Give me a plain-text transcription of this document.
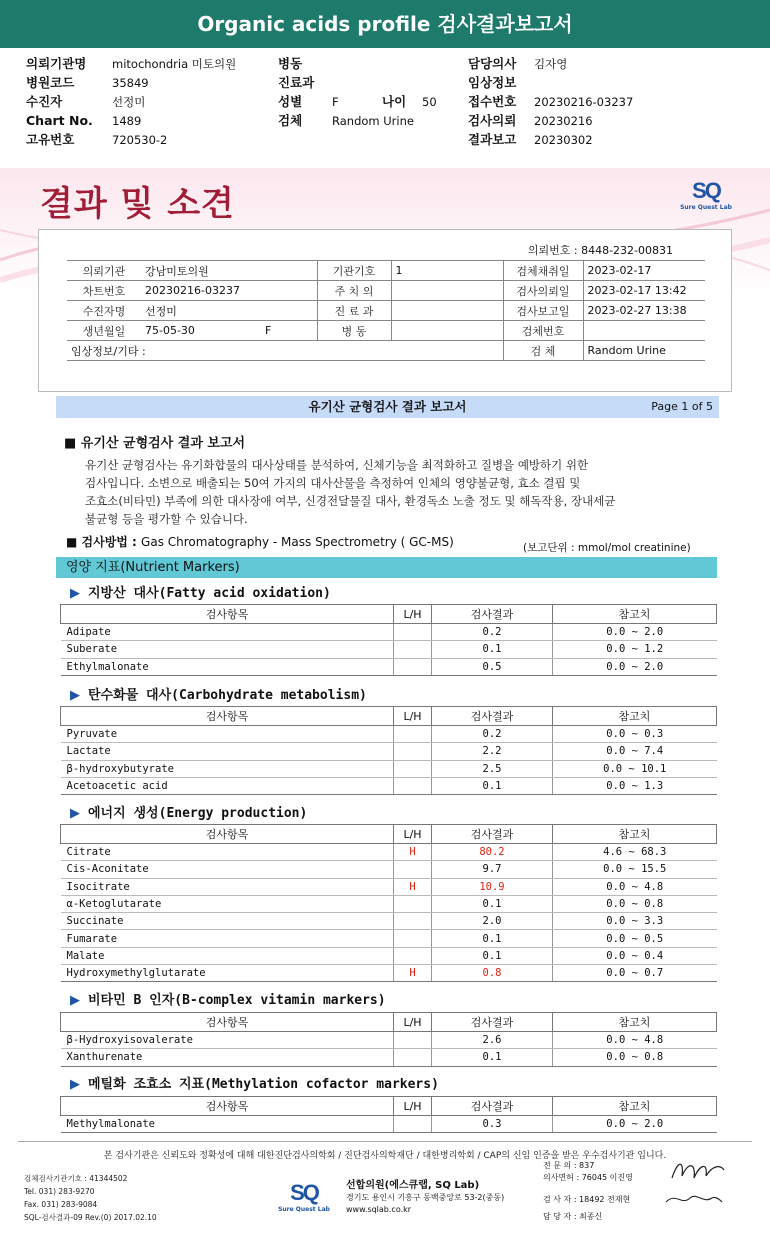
Organic acids profile 검사결과보고서
의뢰기관명 mitochondria 미토의원
병원코드	35849
수진자	선정미
Chart No. 1489
고유번호	720530-2
병동
진료과
성별	F	나이 50
검체	Random Urine
담당의사 김자영
임상정보
접수번호 20230216-03237
검사의뢰 20230216
결과보고 20230302
결과 및 소견	SQ
Sure Quest Lab
의뢰번호 : 8448-232-00831
의뢰기관	강남미토의원	기관기호	1	검체채취일	2023-02-17
차트번호	20230216-03237	주 치 의		검사의뢰일	2023-02-17 13:42
수진자명	선정미	진 료 과		검사보고일	2023-02-27 13:38
생년월일	75-05-30 F	병 동		검체번호	
임상정보/기타 :				검 체	Random Urine
유기산 균형검사 결과 보고서	Page 1 of 5
■ 유기산 균형검사 결과 보고서
유기산 균형검사는 유기화합물의 대사상태를 분석하여, 신체기능을 최적화하고 질병을 예방하기 위한
검사입니다. 소변으로 배출되는 50여 가지의 대사산물을 측정하여 인체의 영양불균형, 효소 결핍 및
조효소(비타민) 부족에 의한 대사장애 여부, 신경전달물질 대사, 환경독소 노출 정도 및 해독작용, 장내세균
불균형 등을 평가할 수 있습니다.
■ 검사방법 : Gas Chromatography - Mass Spectrometry ( GC-MS)	(보고단위 : mmol/mol creatinine)
영양 지표(Nutrient Markers)
▶ 지방산 대사(Fatty acid oxidation)
검사항목	L/H	검사결과	참고치
Adipate		0.2	0.0 ~ 2.0
Suberate		0.1	0.0 ~ 1.2
Ethylmalonate		0.5	0.0 ~ 2.0
▶ 탄수화물 대사(Carbohydrate metabolism)
검사항목	L/H	검사결과	참고치
Pyruvate		0.2	0.0 ~ 0.3
Lactate		2.2	0.0 ~ 7.4
β-hydroxybutyrate		2.5	0.0 ~ 10.1
Acetoacetic acid		0.1	0.0 ~ 1.3
▶ 에너지 생성(Energy production)
검사항목	L/H	검사결과	참고치
Citrate	H	80.2	4.6 ~ 68.3
Cis-Aconitate		9.7	0.0 ~ 15.5
Isocitrate	H	10.9	0.0 ~ 4.8
α-Ketoglutarate		0.1	0.0 ~ 0.8
Succinate		2.0	0.0 ~ 3.3
Fumarate		0.1	0.0 ~ 0.5
Malate		0.1	0.0 ~ 0.4
Hydroxymethylglutarate	H	0.8	0.0 ~ 0.7
▶ 비타민 B 인자(B-complex vitamin markers)
검사항목	L/H	검사결과	참고치
β-Hydroxyisovalerate		2.6	0.0 ~ 4.8
Xanthurenate		0.1	0.0 ~ 0.8
▶ 메틸화 조효소 지표(Methylation cofactor markers)
검사항목	L/H	검사결과	참고치
Methylmalonate		0.3	0.0 ~ 2.0
본 검사기관은 신뢰도와 정확성에 대해 대한진단검사의학회 / 진단검사의학재단 / 대한병리학회 / CAP의 신임 인증을 받은 우수검사기관 입니다.
검체검사기관기호 : 41344502
Tel. 031) 283-9270
Fax. 031) 283-9084
SQL-검사결과-09 Rev.(0) 2017.02.10
SQ
Sure Quest Lab
선합의원(에스큐랩, SQ Lab)
경기도 용인시 기흥구 동백중앙로 53-2(중동)
www.sqlab.co.kr
전 문 의 : 837
의사면허 : 76045 이진영
검 사 자 : 18492 전재현
담 당 자 : 최종신
